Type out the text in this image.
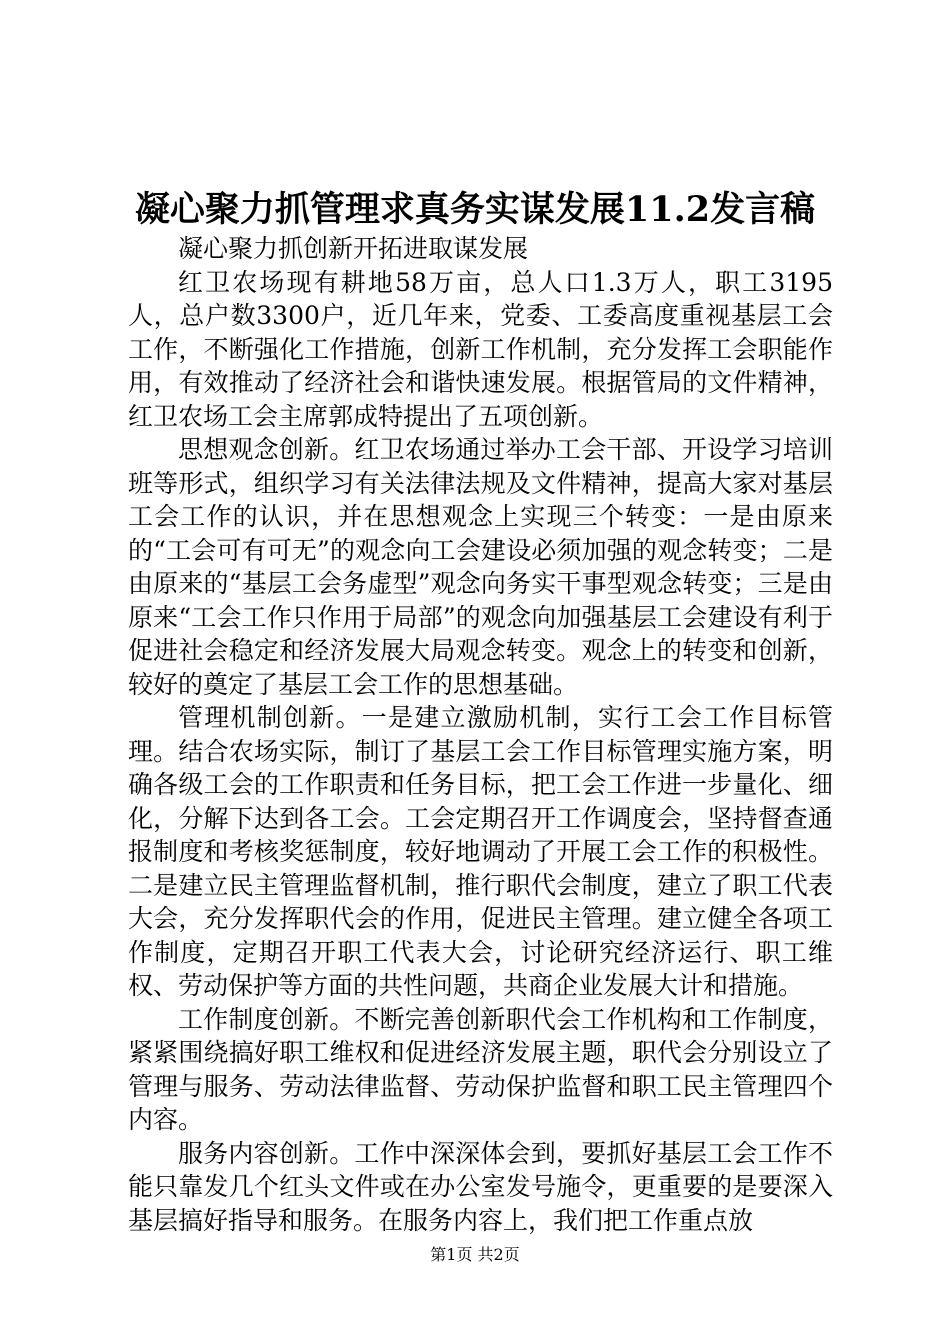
凝心聚力抓管理求真务实谋发展11.2发言稿

凝心聚力抓创新开拓进取谋发展

红卫农场现有耕地58万亩，总人口1.3万人，职工3195人，总户数3300户，近几年来，党委、工委高度重视基层工会工作，不断强化工作措施，创新工作机制，充分发挥工会职能作用，有效推动了经济社会和谐快速发展。根据管局的文件精神，红卫农场工会主席郭成特提出了五项创新。

思想观念创新。红卫农场通过举办工会干部、开设学习培训班等形式，组织学习有关法律法规及文件精神，提高大家对基层工会工作的认识，并在思想观念上实现三个转变：一是由原来的“工会可有可无”的观念向工会建设必须加强的观念转变；二是由原来的“基层工会务虚型”观念向务实干事型观念转变；三是由原来“工会工作只作用于局部”的观念向加强基层工会建设有利于促进社会稳定和经济发展大局观念转变。观念上的转变和创新，较好的奠定了基层工会工作的思想基础。

管理机制创新。一是建立激励机制，实行工会工作目标管理。结合农场实际，制订了基层工会工作目标管理实施方案，明确各级工会的工作职责和任务目标，把工会工作进一步量化、细化，分解下达到各工会。工会定期召开工作调度会，坚持督查通报制度和考核奖惩制度，较好地调动了开展工会工作的积极性。二是建立民主管理监督机制，推行职代会制度，建立了职工代表大会，充分发挥职代会的作用，促进民主管理。建立健全各项工作制度，定期召开职工代表大会，讨论研究经济运行、职工维权、劳动保护等方面的共性问题，共商企业发展大计和措施。

工作制度创新。不断完善创新职代会工作机构和工作制度，紧紧围绕搞好职工维权和促进经济发展主题，职代会分别设立了管理与服务、劳动法律监督、劳动保护监督和职工民主管理四个内容。

服务内容创新。工作中深深体会到，要抓好基层工会工作不能只靠发几个红头文件或在办公室发号施令，更重要的是要深入基层搞好指导和服务。在服务内容上，我们把工作重点放

第1页 共2页
